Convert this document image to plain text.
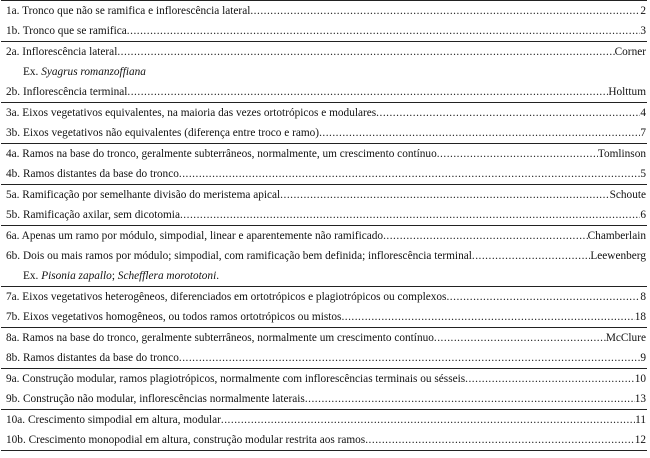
1a. Tronco que não se ramifica e inflorescência lateral .....	2
1b. Tronco que se ramifica .....	3
2a. Inflorescência lateral .....	Corner
Ex. Syagrus romanzoffiana
2b. Inflorescência terminal .....	Holttum
3a. Eixos vegetativos equivalentes, na maioria das vezes ortotrópicos e modulares .....	4
3b. Eixos vegetativos não equivalentes (diferença entre troco e ramo) .....	7
4a. Ramos na base do tronco, geralmente subterrâneos, normalmente, um crescimento contínuo .....	Tomlinson
4b. Ramos distantes da base do tronco .....	5
5a. Ramificação por semelhante divisão do meristema apical .....	Schoute
5b. Ramificação axilar, sem dicotomia .....	6
6a. Apenas um ramo por módulo, simpodial, linear e aparentemente não ramificado .....	Chamberlain
6b. Dois ou mais ramos por módulo; simpodial, com ramificação bem definida; inflorescência terminal .....	Leewenberg
Ex. Pisonia zapallo; Schefflera morototoni.
7a. Eixos vegetativos heterogêneos, diferenciados em ortotrópicos e plagiotrópicos ou complexos .....	8
7b. Eixos vegetativos homogêneos, ou todos ramos ortotrópicos ou mistos .....	18
8a. Ramos na base do tronco, geralmente subterrâneos, normalmente um crescimento contínuo .....	McClure
8b. Ramos distantes da base do tronco .....	9
9a. Construção modular, ramos plagiotrópicos, normalmente com inflorescências terminais ou sésseis .....	10
9b. Construção não modular, inflorescências normalmente laterais .....	13
10a. Crescimento simpodial em altura, modular .....	11
10b. Crescimento monopodial em altura, construção modular restrita aos ramos .....	12
